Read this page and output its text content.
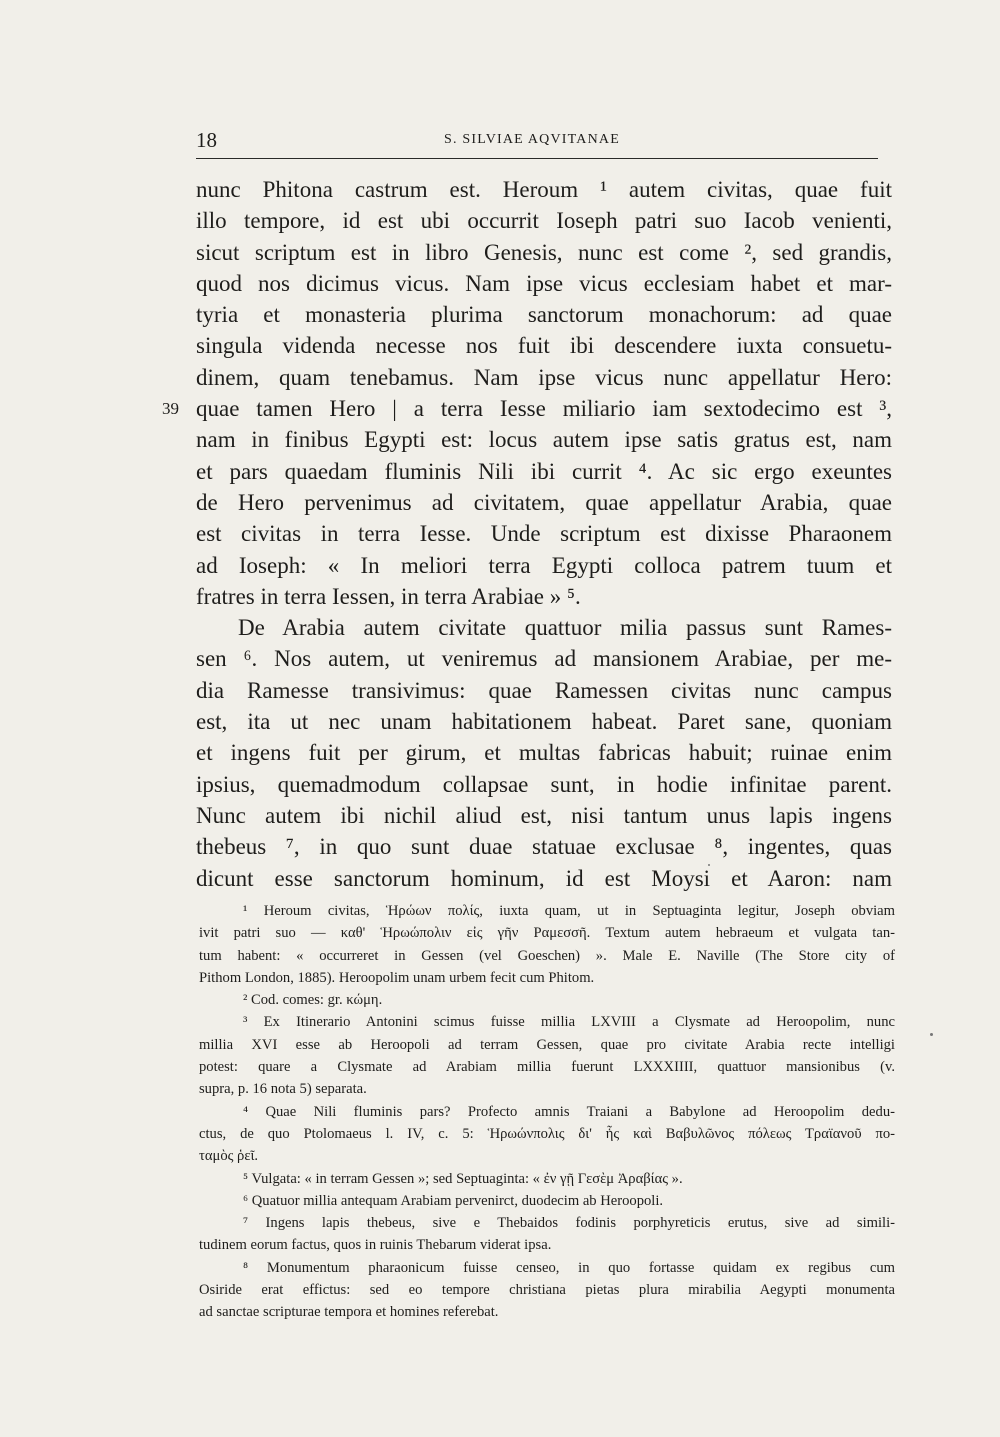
18	S. SILVIAE AQVITANAE
nunc Phitona castrum est. Heroum ¹ autem civitas, quae fuit
illo tempore, id est ubi occurrit Ioseph patri suo Iacob venienti,
sicut scriptum est in libro Genesis, nunc est come ², sed grandis,
quod nos dicimus vicus. Nam ipse vicus ecclesiam habet et mar-
tyria et monasteria plurima sanctorum monachorum: ad quae
singula videnda necesse nos fuit ibi descendere iuxta consuetu-
dinem, quam tenebamus. Nam ipse vicus nunc appellatur Hero:
39 quae tamen Hero | a terra Iesse miliario iam sextodecimo est ³,
nam in finibus Egypti est: locus autem ipse satis gratus est, nam
et pars quaedam fluminis Nili ibi currit ⁴. Ac sic ergo exeuntes
de Hero pervenimus ad civitatem, quae appellatur Arabia, quae
est civitas in terra Iesse. Unde scriptum est dixisse Pharaonem
ad Ioseph: « In meliori terra Egypti colloca patrem tuum et
fratres in terra Iessen, in terra Arabiae » ⁵.
De Arabia autem civitate quattuor milia passus sunt Rames-
sen ⁶. Nos autem, ut veniremus ad mansionem Arabiae, per me-
dia Ramesse transivimus: quae Ramessen civitas nunc campus
est, ita ut nec unam habitationem habeat. Paret sane, quoniam
et ingens fuit per girum, et multas fabricas habuit; ruinae enim
ipsius, quemadmodum collapsae sunt, in hodie infinitae parent.
Nunc autem ibi nichil aliud est, nisi tantum unus lapis ingens
thebeus ⁷, in quo sunt duae statuae exclusae ⁸, ingentes, quas
dicunt esse sanctorum hominum, id est Moysi et Aaron: nam
¹ Heroum civitas, Ἡρώων πολίς, iuxta quam, ut in Septuaginta legitur, Joseph obviam
ivit patri suo — καθ' Ἡρωώπολιν εἰς γῆν Ραμεσσῆ. Textum autem hebraeum et vulgata tan-
tum habent: « occurreret in Gessen (vel Goeschen) ». Male E. Naville (The Store city of
Pithom London, 1885). Heroopolim unam urbem fecit cum Phitom.
² Cod. comes: gr. κώμη.
³ Ex Itinerario Antonini scimus fuisse millia LXVIII a Clysmate ad Heroopolim, nunc
millia XVI esse ab Heroopoli ad terram Gessen, quae pro civitate Arabia recte intelligi
potest: quare a Clysmate ad Arabiam millia fuerunt LXXXIIII, quattuor mansionibus (v.
supra, p. 16 nota 5) separata.
⁴ Quae Nili fluminis pars? Profecto amnis Traiani a Babylone ad Heroopolim dedu-
ctus, de quo Ptolomaeus l. IV, c. 5: Ἡρωώνπολις δι' ἧς καὶ Βαβυλῶνος πόλεως Τραϊανοῦ πο-
ταμὸς ῥεῖ.
⁵ Vulgata: « in terram Gessen »; sed Septuaginta: « ἐν γῇ Γεσὲμ Ἀραβίας ».
⁶ Quatuor millia antequam Arabiam pervenirct, duodecim ab Heroopoli.
⁷ Ingens lapis thebeus, sive e Thebaidos fodinis porphyreticis erutus, sive ad simili-
tudinem eorum factus, quos in ruinis Thebarum viderat ipsa.
⁸ Monumentum pharaonicum fuisse censeo, in quo fortasse quidam ex regibus cum
Osiride erat effictus: sed eo tempore christiana pietas plura mirabilia Aegypti monumenta
ad sanctae scripturae tempora et homines referebat.
